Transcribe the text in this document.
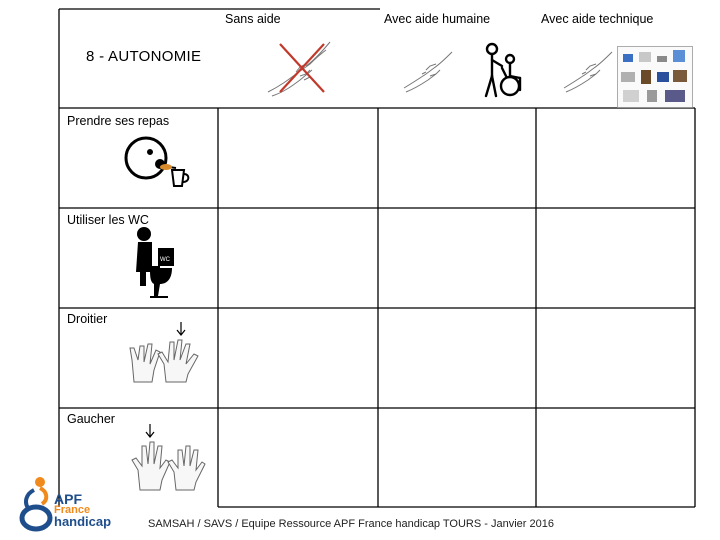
Sans aide	Avec aide humaine	Avec aide technique
8 - AUTONOMIE
Prendre ses repas
Utiliser les WC
Droitier
Gaucher
WC
APF
France
handicap	SAMSAH / SAVS / Equipe Ressource APF France handicap TOURS - Janvier 2016
